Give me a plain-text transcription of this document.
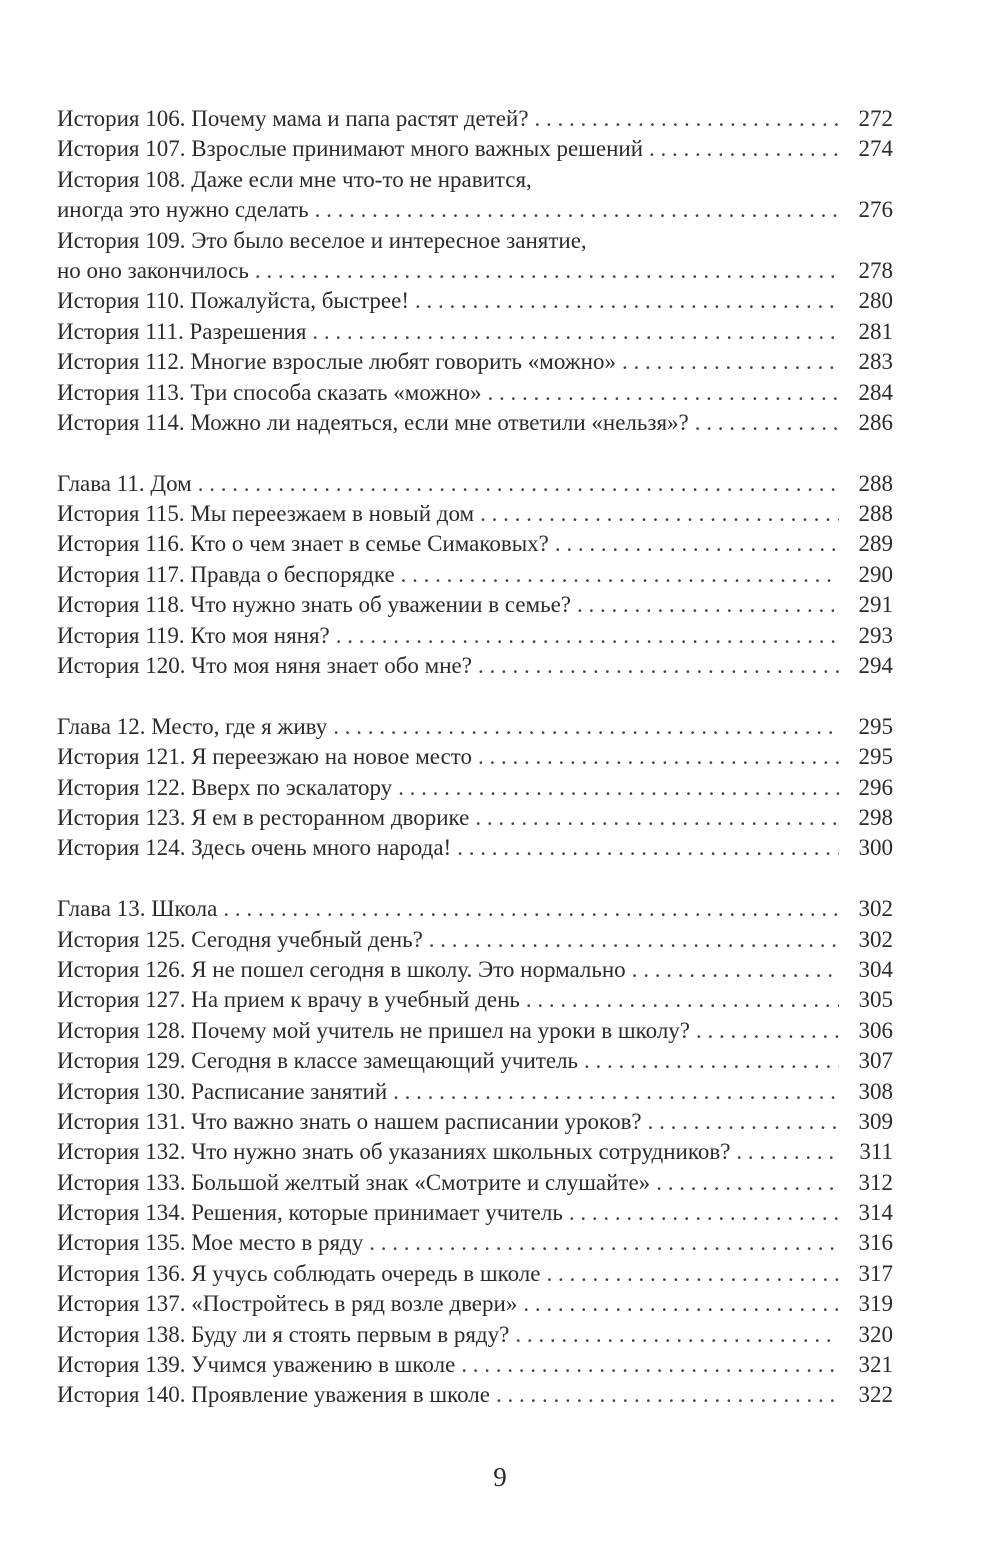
История 106. Почему мама и папа растят детей? . . .	272
История 107. Взрослые принимают много важных решений . . .	274
История 108. Даже если мне что-то не нравится,
иногда это нужно сделать . . .	276
История 109. Это было веселое и интересное занятие,
но оно закончилось . . .	278
История 110. Пожалуйста, быстрее! . . .	280
История 111. Разрешения . . .	281
История 112. Многие взрослые любят говорить «можно» . . .	283
История 113. Три способа сказать «можно» . . .	284
История 114. Можно ли надеяться, если мне ответили «нельзя»? . . .	286
Глава 11. Дом . . .	288
История 115. Мы переезжаем в новый дом . . .	288
История 116. Кто о чем знает в семье Симаковых? . . .	289
История 117. Правда о беспорядке . . .	290
История 118. Что нужно знать об уважении в семье? . . .	291
История 119. Кто моя няня? . . .	293
История 120. Что моя няня знает обо мне? . . .	294
Глава 12. Место, где я живу . . .	295
История 121. Я переезжаю на новое место . . .	295
История 122. Вверх по эскалатору . . .	296
История 123. Я ем в ресторанном дворике . . .	298
История 124. Здесь очень много народа! . . .	300
Глава 13. Школа . . .	302
История 125. Сегодня учебный день? . . .	302
История 126. Я не пошел сегодня в школу. Это нормально . . .	304
История 127. На прием к врачу в учебный день . . .	305
История 128. Почему мой учитель не пришел на уроки в школу? . . .	306
История 129. Сегодня в классе замещающий учитель . . .	307
История 130. Расписание занятий . . .	308
История 131. Что важно знать о нашем расписании уроков? . . .	309
История 132. Что нужно знать об указаниях школьных сотрудников? . . .	311
История 133. Большой желтый знак «Смотрите и слушайте» . . .	312
История 134. Решения, которые принимает учитель . . .	314
История 135. Мое место в ряду . . .	316
История 136. Я учусь соблюдать очередь в школе . . .	317
История 137. «Постройтесь в ряд возле двери» . . .	319
История 138. Буду ли я стоять первым в ряду? . . .	320
История 139. Учимся уважению в школе . . .	321
История 140. Проявление уважения в школе . . .	322
9
